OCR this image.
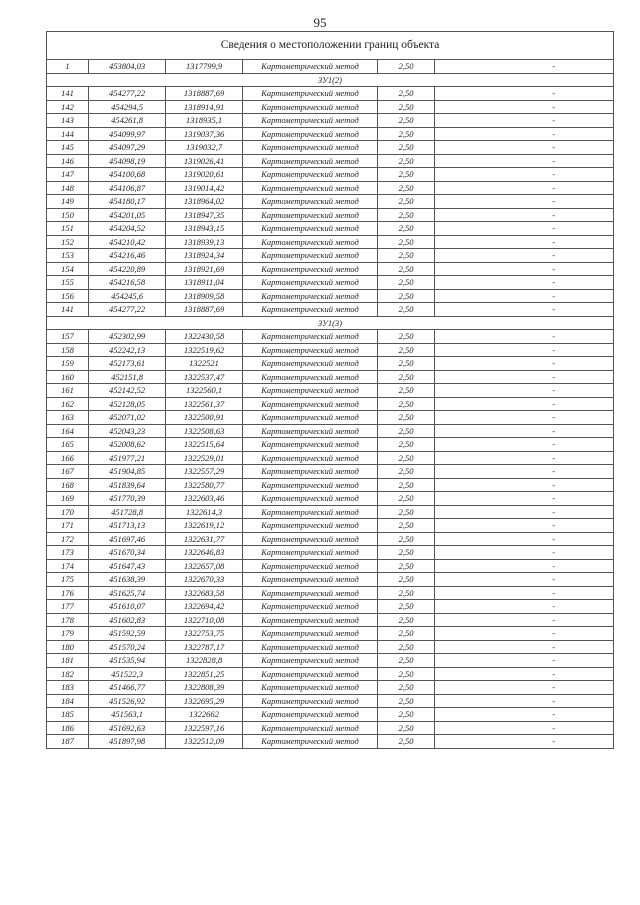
95
Сведения о местоположении границ объекта					
1	453804,03	1317799,9	Картометрический метод	2,50	-
ЗУ1(2)					
141	454277,22	1318887,69	Картометрический метод	2,50	-
142	454294,5	1318914,91	Картометрический метод	2,50	-
143	454261,8	1318935,1	Картометрический метод	2,50	-
144	454099,97	1319037,36	Картометрический метод	2,50	-
145	454097,29	1319032,7	Картометрический метод	2,50	-
146	454098,19	1319026,41	Картометрический метод	2,50	-
147	454100,68	1319020,61	Картометрический метод	2,50	-
148	454106,87	1319014,42	Картометрический метод	2,50	-
149	454180,17	1318964,02	Картометрический метод	2,50	-
150	454201,05	1318947,35	Картометрический метод	2,50	-
151	454204,52	1318943,15	Картометрический метод	2,50	-
152	454210,42	1318939,13	Картометрический метод	2,50	-
153	454216,46	1318924,34	Картометрический метод	2,50	-
154	454220,89	1318921,69	Картометрический метод	2,50	-
155	454216,58	1318911,04	Картометрический метод	2,50	-
156	454245,6	1318909,58	Картометрический метод	2,50	-
141	454277,22	1318887,69	Картометрический метод	2,50	-
ЗУ1(3)					
157	452302,99	1322430,58	Картометрический метод	2,50	-
158	452242,13	1322519,62	Картометрический метод	2,50	-
159	452173,61	1322521	Картометрический метод	2,50	-
160	452151,8	1322537,47	Картометрический метод	2,50	-
161	452142,52	1322560,1	Картометрический метод	2,50	-
162	452128,05	1322561,37	Картометрический метод	2,50	-
163	452071,02	1322500,91	Картометрический метод	2,50	-
164	452043,23	1322508,63	Картометрический метод	2,50	-
165	452008,62	1322515,64	Картометрический метод	2,50	-
166	451977,21	1322529,01	Картометрический метод	2,50	-
167	451904,85	1322557,29	Картометрический метод	2,50	-
168	451839,64	1322580,77	Картометрический метод	2,50	-
169	451770,39	1322603,46	Картометрический метод	2,50	-
170	451728,8	1322614,3	Картометрический метод	2,50	-
171	451713,13	1322619,12	Картометрический метод	2,50	-
172	451697,46	1322631,77	Картометрический метод	2,50	-
173	451670,34	1322646,83	Картометрический метод	2,50	-
174	451647,43	1322657,08	Картометрический метод	2,50	-
175	451638,39	1322670,33	Картометрический метод	2,50	-
176	451625,74	1322683,58	Картометрический метод	2,50	-
177	451610,07	1322694,42	Картометрический метод	2,50	-
178	451602,83	1322710,08	Картометрический метод	2,50	-
179	451592,59	1322753,75	Картометрический метод	2,50	-
180	451570,24	1322787,17	Картометрический метод	2,50	-
181	451535,94	1322828,8	Картометрический метод	2,50	-
182	451522,3	1322851,25	Картометрический метод	2,50	-
183	451466,77	1322808,39	Картометрический метод	2,50	-
184	451526,92	1322695,29	Картометрический метод	2,50	-
185	451563,1	1322662	Картометрический метод	2,50	-
186	451692,63	1322597,16	Картометрический метод	2,50	-
187	451897,98	1322512,09	Картометрический метод	2,50	-
